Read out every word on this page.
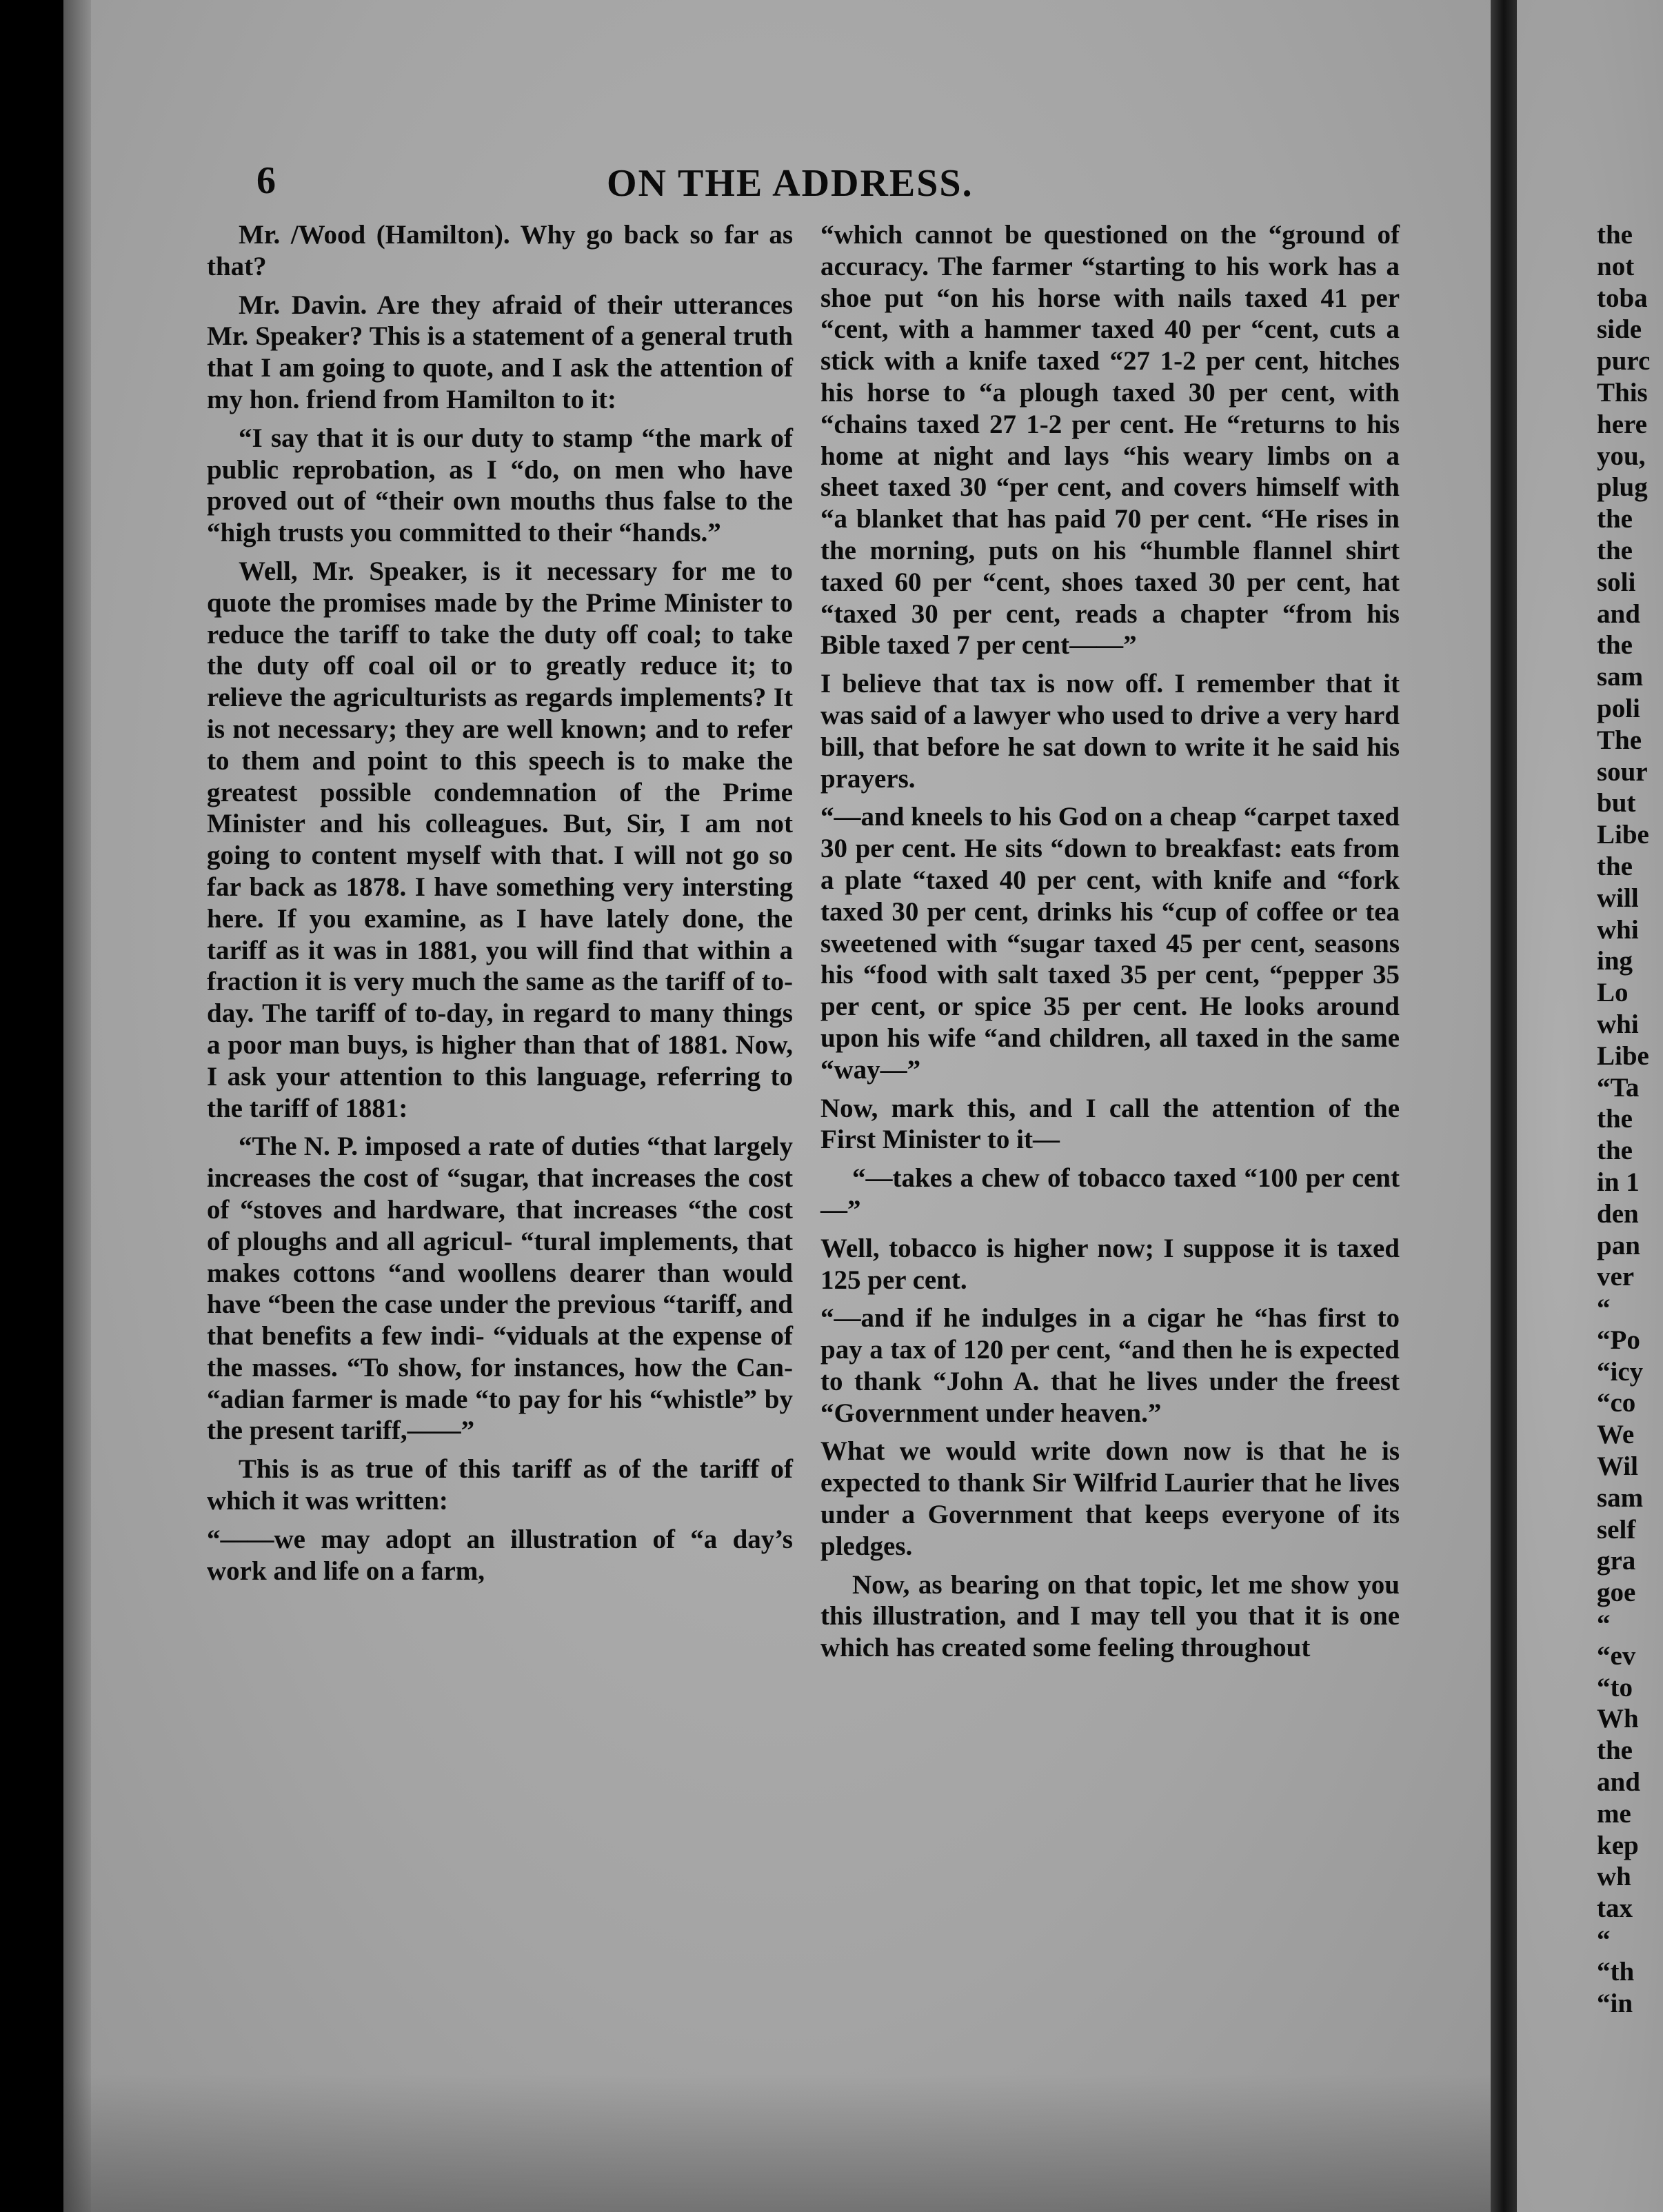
6	ON THE ADDRESS.

Mr. /Wood (Hamilton). Why go back so far as that?

Mr. Davin. Are they afraid of their utterances Mr. Speaker? This is a statement of a general truth that I am going to quote, and I ask the attention of my hon. friend from Hamilton to it:

“I say that it is our duty to stamp “the mark of public reprobation, as I “do, on men who have proved out of “their own mouths thus false to the “high trusts you committed to their “hands.”

Well, Mr. Speaker, is it necessary for me to quote the promises made by the Prime Minister to reduce the tariff to take the duty off coal; to take the duty off coal oil or to greatly reduce it; to relieve the agriculturists as regards implements? It is not necessary; they are well known; and to refer to them and point to this speech is to make the greatest possible condemnation of the Prime Minister and his colleagues. But, Sir, I am not going to content myself with that. I will not go so far back as 1878. I have something very intersting here. If you examine, as I have lately done, the tariff as it was in 1881, you will find that within a fraction it is very much the same as the tariff of to-day. The tariff of to-day, in regard to many things a poor man buys, is higher than that of 1881. Now, I ask your attention to this language, referring to the tariff of 1881:

“The N. P. imposed a rate of duties “that largely increases the cost of “sugar, that increases the cost of “stoves and hardware, that increases “the cost of ploughs and all agricul- “tural implements, that makes cottons “and woollens dearer than would have “been the case under the previous “tariff, and that benefits a few indi- “viduals at the expense of the masses. “To show, for instances, how the Can- “adian farmer is made “to pay for his “whistle” by the present tariff,——”

This is as true of this tariff as of the tariff of which it was written:

“——we may adopt an illustration of “a day’s work and life on a farm,

“which cannot be questioned on the “ground of accuracy. The farmer “starting to his work has a shoe put “on his horse with nails taxed 41 per “cent, with a hammer taxed 40 per “cent, cuts a stick with a knife taxed “27 1-2 per cent, hitches his horse to “a plough taxed 30 per cent, with “chains taxed 27 1-2 per cent. He “returns to his home at night and lays “his weary limbs on a sheet taxed 30 “per cent, and covers himself with “a blanket that has paid 70 per cent. “He rises in the morning, puts on his “humble flannel shirt taxed 60 per “cent, shoes taxed 30 per cent, hat “taxed 30 per cent, reads a chapter “from his Bible taxed 7 per cent——”

I believe that tax is now off. I remember that it was said of a lawyer who used to drive a very hard bill, that before he sat down to write it he said his prayers.

“—and kneels to his God on a cheap “carpet taxed 30 per cent. He sits “down to breakfast: eats from a plate “taxed 40 per cent, with knife and “fork taxed 30 per cent, drinks his “cup of coffee or tea sweetened with “sugar taxed 45 per cent, seasons his “food with salt taxed 35 per cent, “pepper 35 per cent, or spice 35 per cent. He looks around upon his wife “and children, all taxed in the same “way—”

Now, mark this, and I call the attention of the First Minister to it—

“—takes a chew of tobacco taxed “100 per cent—”

Well, tobacco is higher now; I suppose it is taxed 125 per cent.

“—and if he indulges in a cigar he “has first to pay a tax of 120 per cent, “and then he is expected to thank “John A. that he lives under the freest “Government under heaven.”

What we would write down now is that he is expected to thank Sir Wilfrid Laurier that he lives under a Government that keeps everyone of its pledges.

Now, as bearing on that topic, let me show you this illustration, and I may tell you that it is one which has created some feeling throughout

the
not
toba
side
purc
This
here
you,
plug
the
the
soli
and
the
sam
poli
The
sour
but
Libe
the
will
whi
ing
Lo
whi
Libe
“Ta
the
the
in 1
den
pan
ver
“
“Po
“icy
“co
We
Wil
sam
self
gra
goe
“
“ev
“to
Wh
the
and
me
kep
wh
tax
“
“th
“in
